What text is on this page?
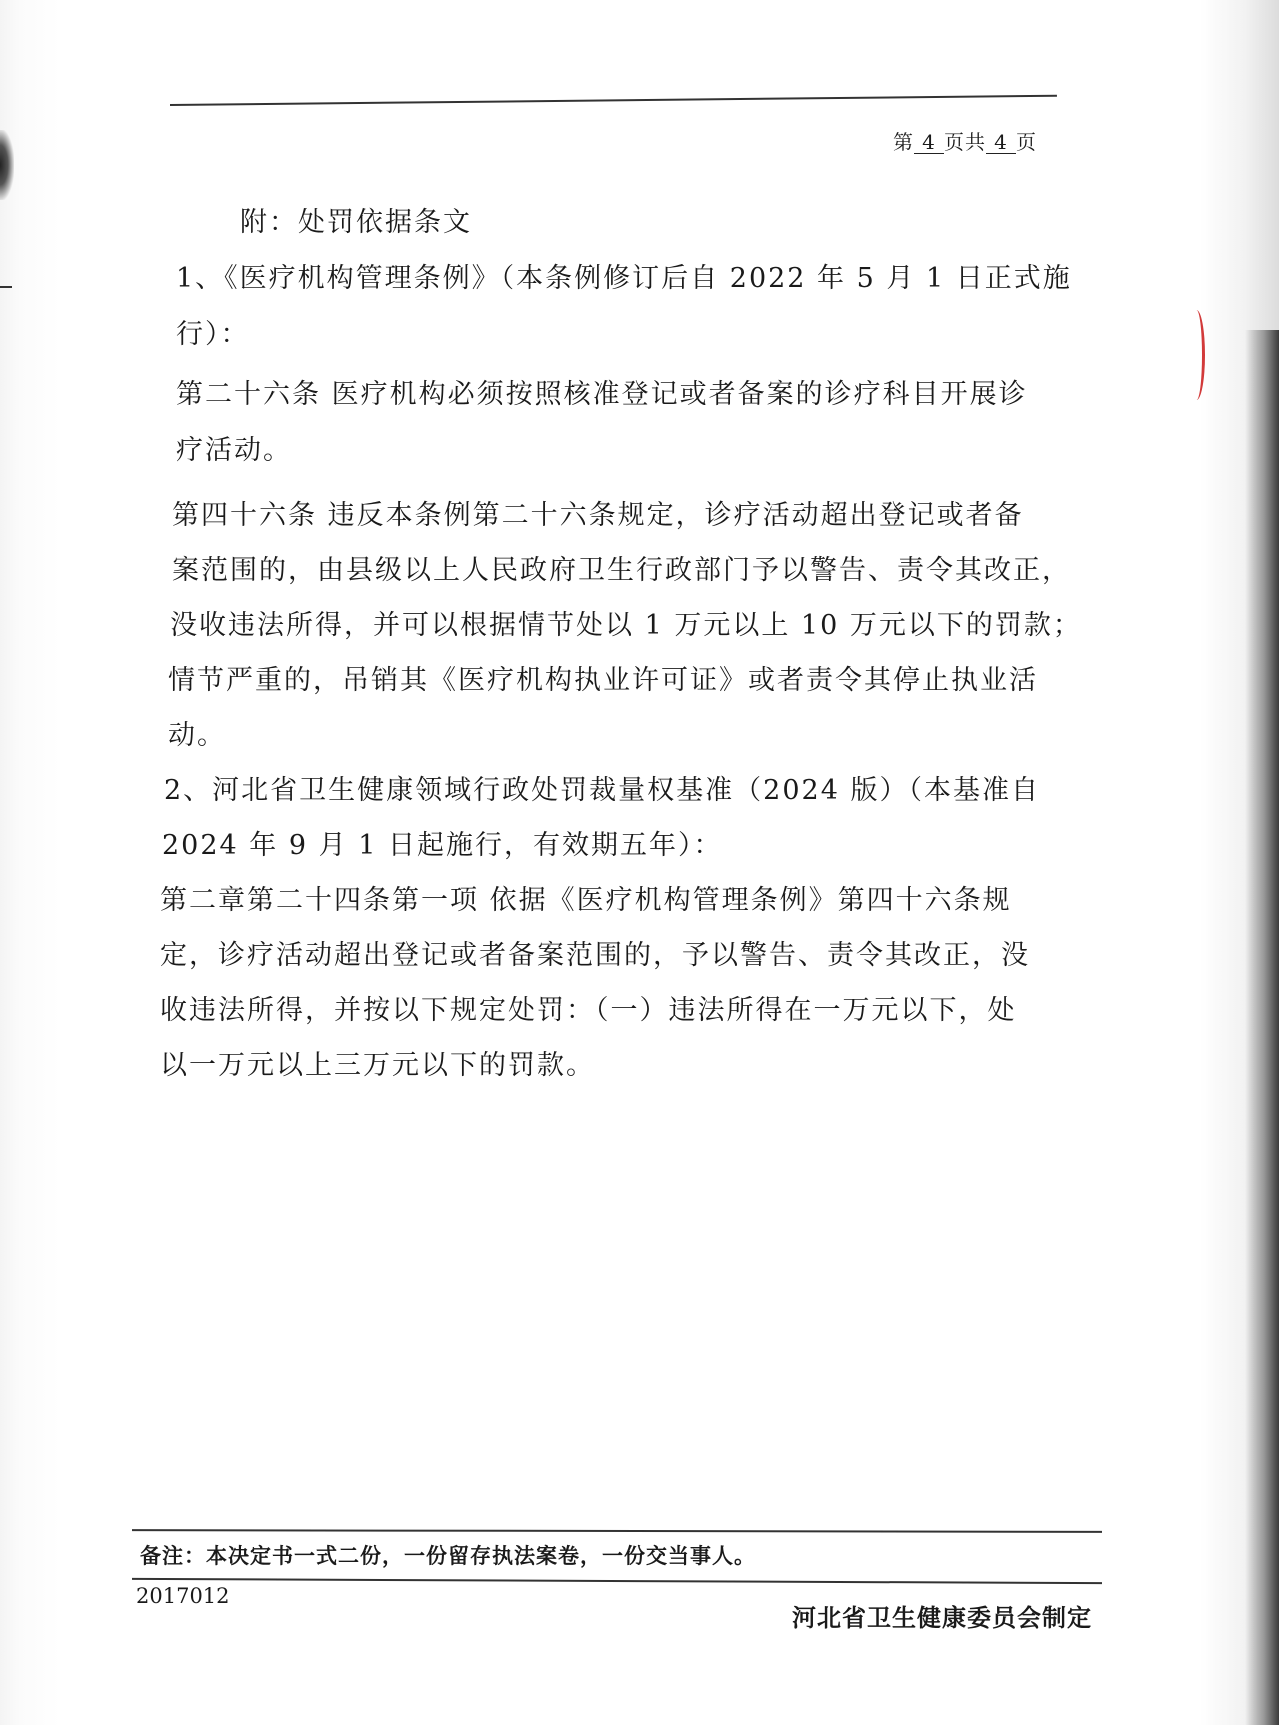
第 4 页共 4 页
附：处罚依据条文
1、《医疗机构管理条例》（本条例修订后自 2022 年 5 月 1 日正式施
行）：
第二十六条 医疗机构必须按照核准登记或者备案的诊疗科目开展诊
疗活动。
第四十六条 违反本条例第二十六条规定，诊疗活动超出登记或者备
案范围的，由县级以上人民政府卫生行政部门予以警告、责令其改正，
没收违法所得，并可以根据情节处以 1 万元以上 10 万元以下的罚款；
情节严重的，吊销其《医疗机构执业许可证》或者责令其停止执业活
动。
2、河北省卫生健康领域行政处罚裁量权基准（2024 版）（本基准自
2024 年 9 月 1 日起施行，有效期五年）：
第二章第二十四条第一项 依据《医疗机构管理条例》第四十六条规
定，诊疗活动超出登记或者备案范围的，予以警告、责令其改正，没
收违法所得，并按以下规定处罚：（一）违法所得在一万元以下，处
以一万元以上三万元以下的罚款。
备注：本决定书一式二份，一份留存执法案卷，一份交当事人。
2017012
河北省卫生健康委员会制定
